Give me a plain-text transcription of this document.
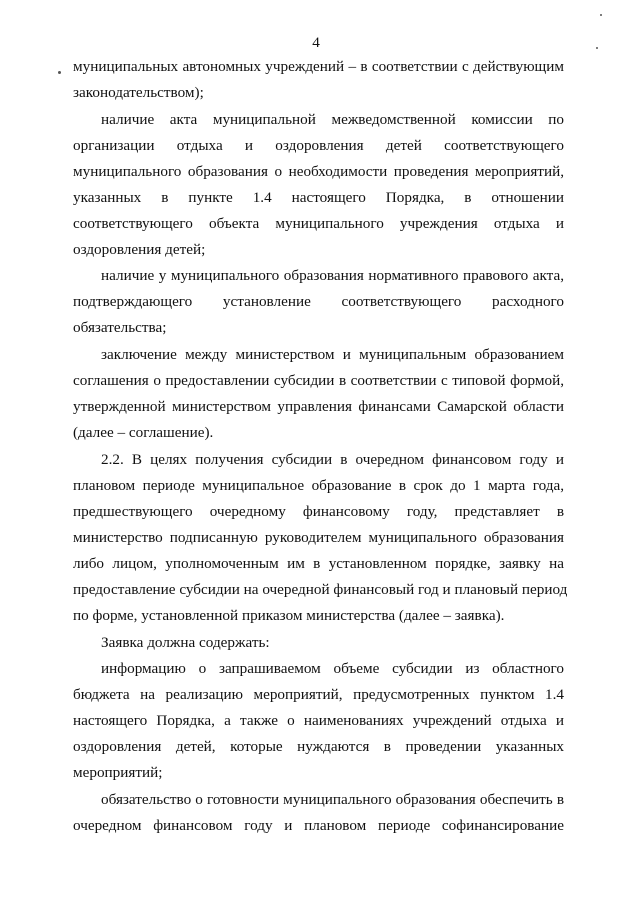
4
муниципальных автономных учреждений – в соответствии с действующим
законодательством);
наличие акта муниципальной межведомственной комиссии по
организации отдыха и оздоровления детей соответствующего
муниципального образования о необходимости проведения мероприятий,
указанных в пункте 1.4 настоящего Порядка, в отношении
соответствующего объекта муниципального учреждения отдыха и
оздоровления детей;
наличие у муниципального образования нормативного правового акта,
подтверждающего установление соответствующего расходного
обязательства;
заключение между министерством и муниципальным образованием
соглашения о предоставлении субсидии в соответствии с типовой формой,
утвержденной министерством управления финансами Самарской области
(далее – соглашение).
2.2. В целях получения субсидии в очередном финансовом году и
плановом периоде муниципальное образование в срок до 1 марта года,
предшествующего очередному финансовому году, представляет в
министерство подписанную руководителем муниципального образования
либо лицом, уполномоченным им в установленном порядке, заявку на
предоставление субсидии на очередной финансовый год и плановый период
по форме, установленной приказом министерства (далее – заявка).
Заявка должна содержать:
информацию о запрашиваемом объеме субсидии из областного
бюджета на реализацию мероприятий, предусмотренных пунктом 1.4
настоящего Порядка, а также о наименованиях учреждений отдыха и
оздоровления детей, которые нуждаются в проведении указанных
мероприятий;
обязательство о готовности муниципального образования обеспечить в
очередном финансовом году и плановом периоде софинансирование
